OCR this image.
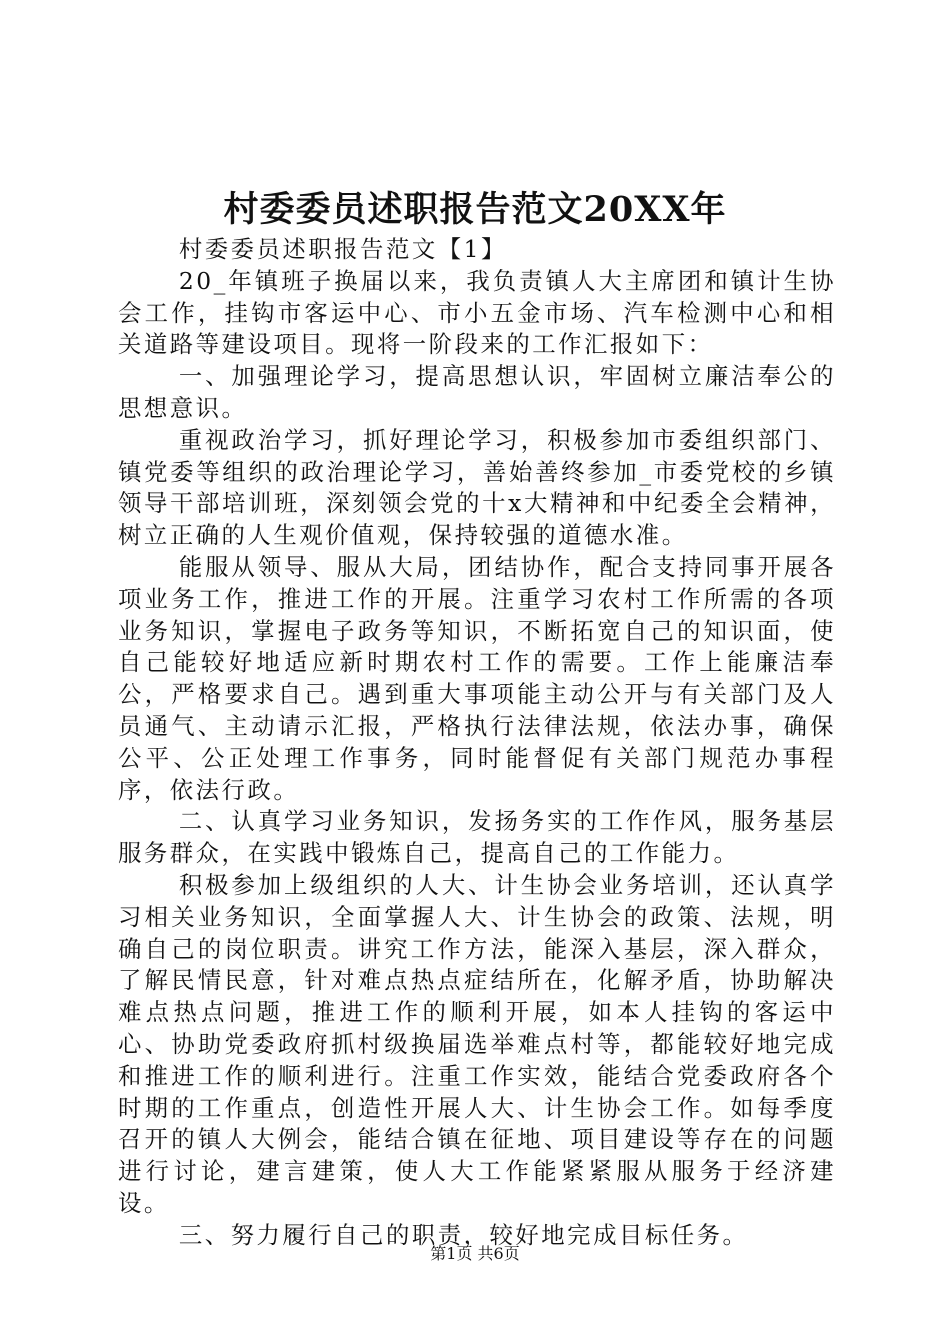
村委委员述职报告范文20XX年

村委委员述职报告范文【1】

20_年镇班子换届以来，我负责镇人大主席团和镇计生协会工作，挂钩市客运中心、市小五金市场、汽车检测中心和相关道路等建设项目。现将一阶段来的工作汇报如下：

一、加强理论学习，提高思想认识，牢固树立廉洁奉公的思想意识。

重视政治学习，抓好理论学习，积极参加市委组织部门、镇党委等组织的政治理论学习，善始善终参加_市委党校的乡镇领导干部培训班，深刻领会党的十x大精神和中纪委全会精神，树立正确的人生观价值观，保持较强的道德水准。

能服从领导、服从大局，团结协作，配合支持同事开展各项业务工作，推进工作的开展。注重学习农村工作所需的各项业务知识，掌握电子政务等知识，不断拓宽自己的知识面，使自己能较好地适应新时期农村工作的需要。工作上能廉洁奉公，严格要求自己。遇到重大事项能主动公开与有关部门及人员通气、主动请示汇报，严格执行法律法规，依法办事，确保公平、公正处理工作事务，同时能督促有关部门规范办事程序，依法行政。

二、认真学习业务知识，发扬务实的工作作风，服务基层服务群众，在实践中锻炼自己，提高自己的工作能力。

积极参加上级组织的人大、计生协会业务培训，还认真学习相关业务知识，全面掌握人大、计生协会的政策、法规，明确自己的岗位职责。讲究工作方法，能深入基层，深入群众，了解民情民意，针对难点热点症结所在，化解矛盾，协助解决难点热点问题，推进工作的顺利开展，如本人挂钩的客运中心、协助党委政府抓村级换届选举难点村等，都能较好地完成和推进工作的顺利进行。注重工作实效，能结合党委政府各个时期的工作重点，创造性开展人大、计生协会工作。如每季度召开的镇人大例会，能结合镇在征地、项目建设等存在的问题进行讨论，建言建策，使人大工作能紧紧服从服务于经济建设。

三、努力履行自己的职责，较好地完成目标任务。

第1页 共6页
